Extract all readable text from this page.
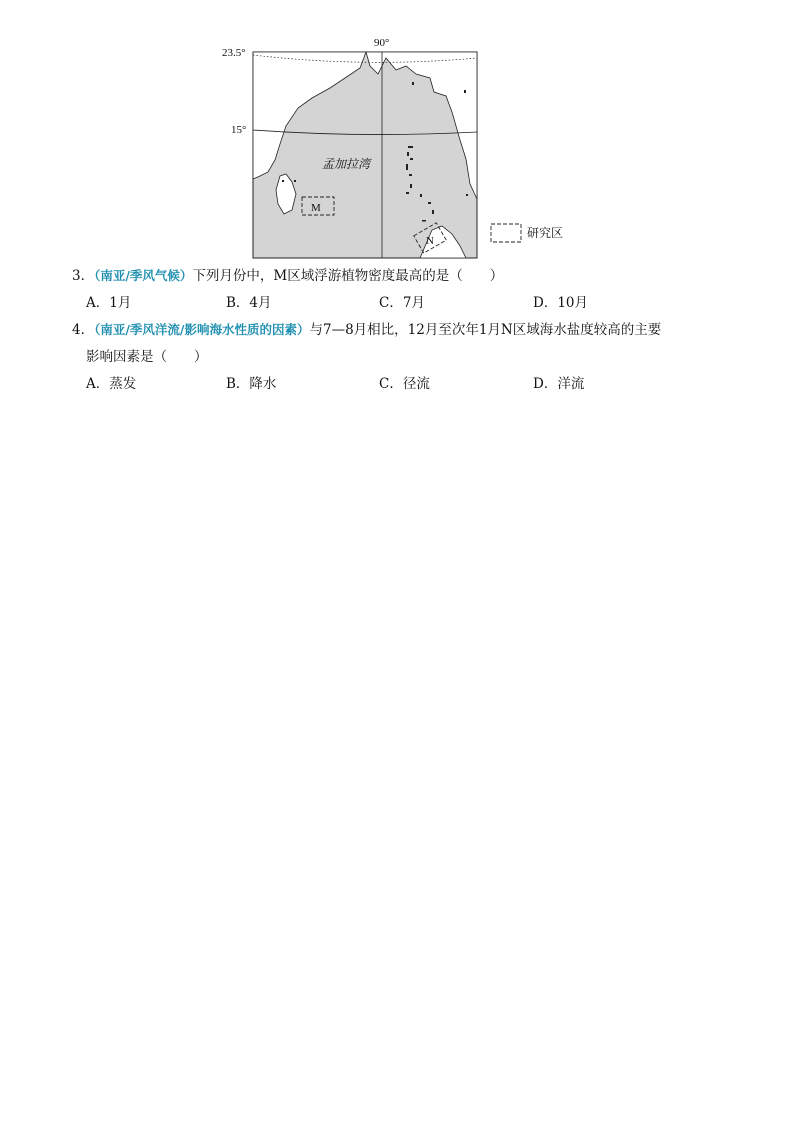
M
N
23.5°
15°
90°
孟加拉湾
研究区
3．（南亚/季风气候）下列月份中，M区域浮游植物密度最高的是（　　）
A．1月	B．4月	C．7月	D．10月
4．（南亚/季风洋流/影响海水性质的因素）与7—8月相比，12月至次年1月N区域海水盐度较高的主要
影响因素是（　　）
A．蒸发	B．降水	C．径流	D．洋流
